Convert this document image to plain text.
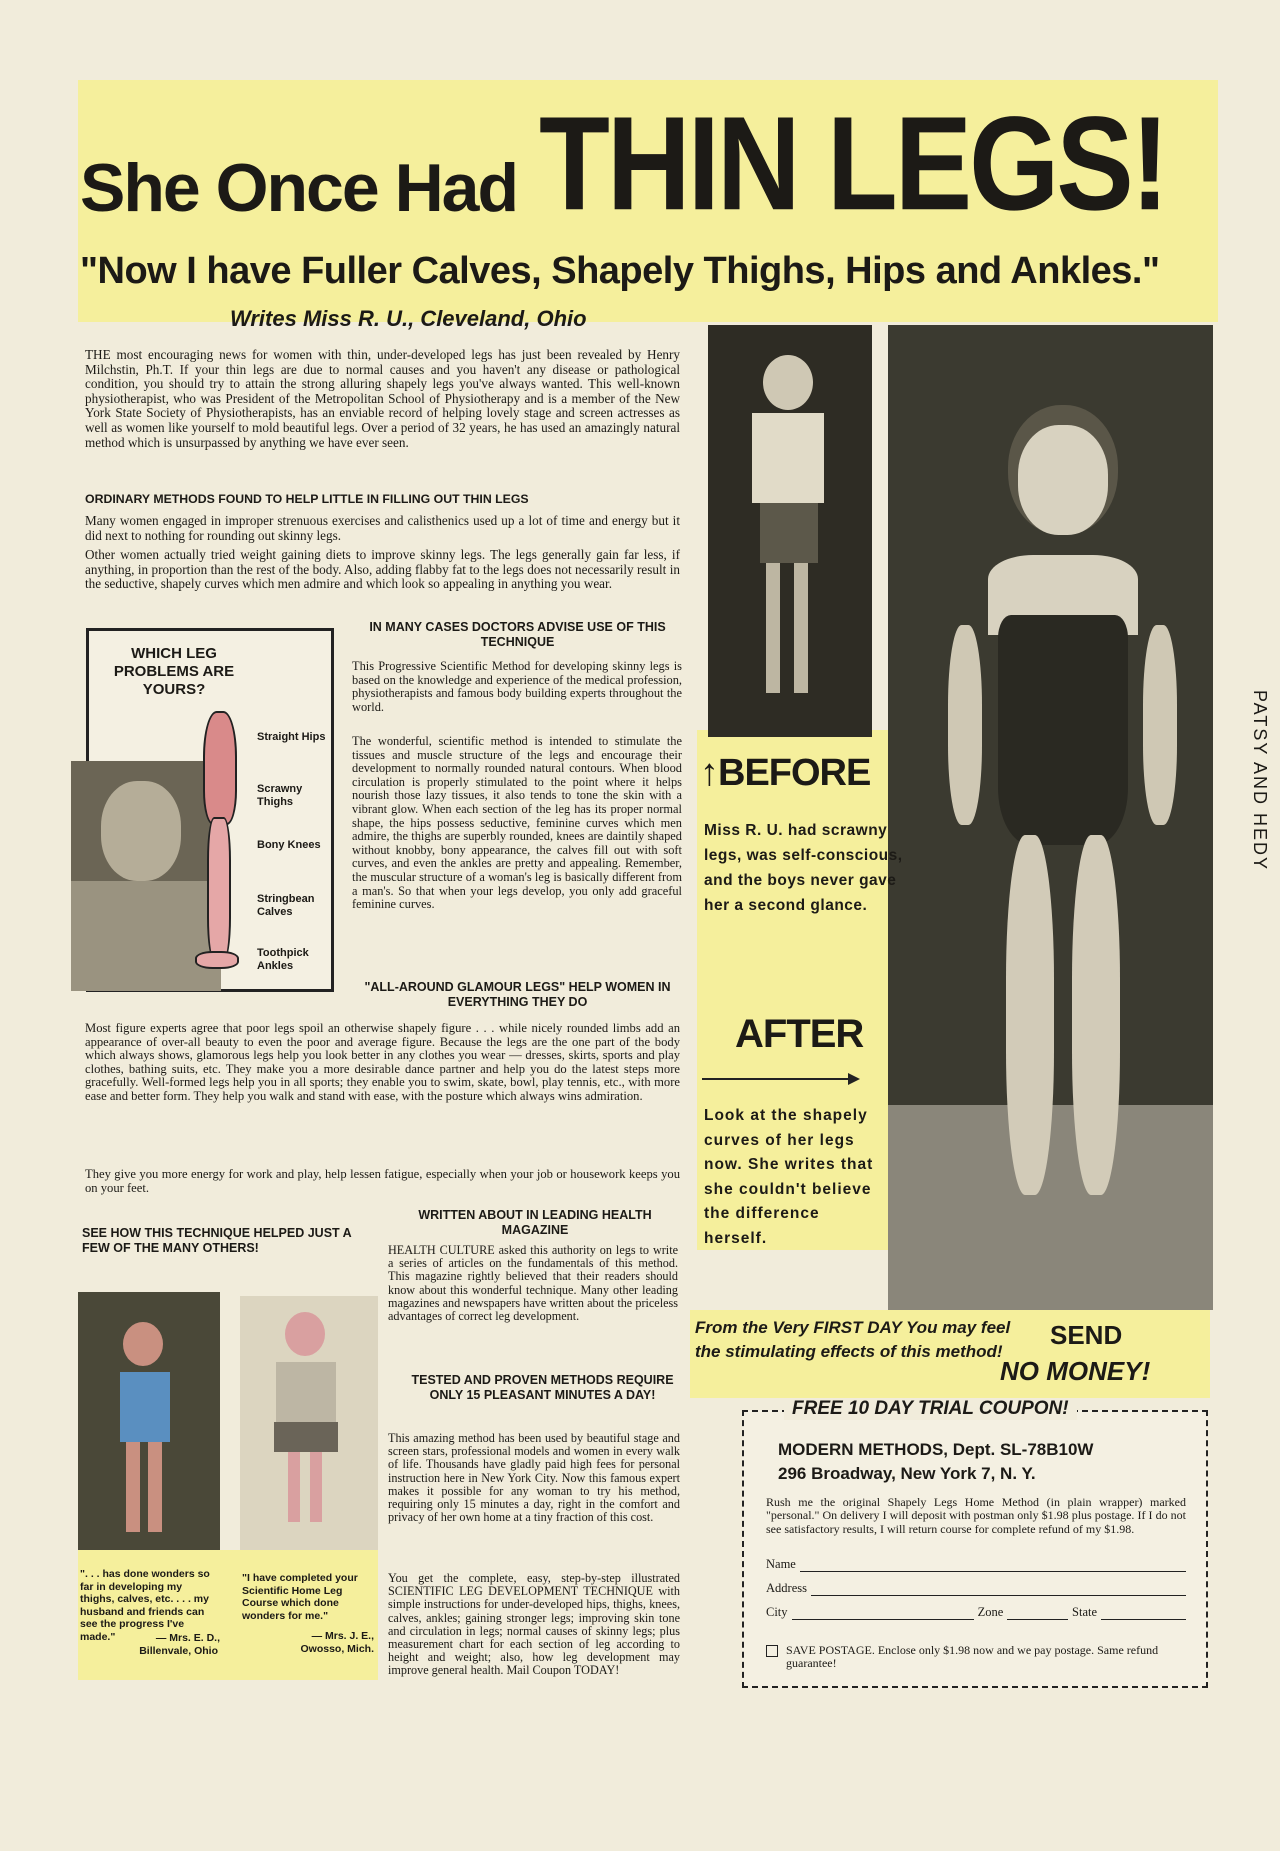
She Once Had THIN LEGS!
"Now I have Fuller Calves, Shapely Thighs, Hips and Ankles."
Writes Miss R. U., Cleveland, Ohio
THE most encouraging news for women with thin, under-developed legs has just been revealed by Henry Milchstin, Ph.T. If your thin legs are due to normal causes and you haven't any disease or pathological condition, you should try to attain the strong alluring shapely legs you've always wanted. This well-known physiotherapist, who was President of the Metropolitan School of Physiotherapy and is a member of the New York State Society of Physiotherapists, has an enviable record of helping lovely stage and screen actresses as well as women like yourself to mold beautiful legs. Over a period of 32 years, he has used an amazingly natural method which is unsurpassed by anything we have ever seen.
ORDINARY METHODS FOUND TO HELP LITTLE IN FILLING OUT THIN LEGS
Many women engaged in improper strenuous exercises and calisthenics used up a lot of time and energy but it did next to nothing for rounding out skinny legs.
Other women actually tried weight gaining diets to improve skinny legs. The legs generally gain far less, if anything, in proportion than the rest of the body. Also, adding flabby fat to the legs does not necessarily result in the seductive, shapely curves which men admire and which look so appealing in anything you wear.
WHICH LEG PROBLEMS ARE YOURS?
Straight Hips
Scrawny Thighs
Bony Knees
Stringbean Calves
Toothpick Ankles
IN MANY CASES DOCTORS ADVISE USE OF THIS TECHNIQUE
This Progressive Scientific Method for developing skinny legs is based on the knowledge and experience of the medical profession, physiotherapists and famous body building experts throughout the world.
The wonderful, scientific method is intended to stimulate the tissues and muscle structure of the legs and encourage their development to normally rounded natural contours. When blood circulation is properly stimulated to the point where it helps nourish those lazy tissues, it also tends to tone the skin with a vibrant glow. When each section of the leg has its proper normal shape, the hips possess seductive, feminine curves which men admire, the thighs are superbly rounded, knees are daintily shaped without knobby, bony appearance, the calves fill out with soft curves, and even the ankles are pretty and appealing. Remember, the muscular structure of a woman's leg is basically different from a man's. So that when your legs develop, you only add graceful feminine curves.
"ALL-AROUND GLAMOUR LEGS" HELP WOMEN IN EVERYTHING THEY DO
Most figure experts agree that poor legs spoil an otherwise shapely figure . . . while nicely rounded limbs add an appearance of over-all beauty to even the poor and average figure. Because the legs are the one part of the body which always shows, glamorous legs help you look better in any clothes you wear — dresses, skirts, sports and play clothes, bathing suits, etc. They make you a more desirable dance partner and help you do the latest steps more gracefully. Well-formed legs help you in all sports; they enable you to swim, skate, bowl, play tennis, etc., with more ease and better form. They help you walk and stand with ease, with the posture which always wins admiration.
They give you more energy for work and play, help lessen fatigue, especially when your job or housework keeps you on your feet.
SEE HOW THIS TECHNIQUE HELPED JUST A FEW OF THE MANY OTHERS!
". . . has done wonders so far in developing my thighs, calves, etc. . . . my husband and friends can see the progress I've made."	— Mrs. E. D.,
Billenvale, Ohio
"I have completed your Scientific Home Leg Course which done wonders for me."
— Mrs. J. E.,
Owosso, Mich.
WRITTEN ABOUT IN LEADING HEALTH MAGAZINE
HEALTH CULTURE asked this authority on legs to write a series of articles on the fundamentals of this method. This magazine rightly believed that their readers should know about this wonderful technique. Many other leading magazines and newspapers have written about the priceless advantages of correct leg development.
TESTED AND PROVEN METHODS REQUIRE ONLY 15 PLEASANT MINUTES A DAY!
This amazing method has been used by beautiful stage and screen stars, professional models and women in every walk of life. Thousands have gladly paid high fees for personal instruction here in New York City. Now this famous expert makes it possible for any woman to try his method, requiring only 15 minutes a day, right in the comfort and privacy of her own home at a tiny fraction of this cost.
You get the complete, easy, step-by-step illustrated SCIENTIFIC LEG DEVELOPMENT TECHNIQUE with simple instructions for under-developed hips, thighs, knees, calves, ankles; gaining stronger legs; improving skin tone and circulation in legs; normal causes of skinny legs; plus measurement chart for each section of leg according to height and weight; also, how leg development may improve general health. Mail Coupon TODAY!
↑BEFORE
Miss R. U. had scrawny legs, was self-conscious, and the boys never gave her a second glance.
AFTER
Look at the shapely curves of her legs now. She writes that she couldn't believe the difference herself.
From the Very FIRST DAY You may feel the stimulating effects of this method!
SEND
NO MONEY!
FREE 10 DAY TRIAL COUPON!
MODERN METHODS, Dept. SL-78B10W
296 Broadway, New York 7, N. Y.
Rush me the original Shapely Legs Home Method (in plain wrapper) marked "personal." On delivery I will deposit with postman only $1.98 plus postage. If I do not see satisfactory results, I will return course for complete refund of my $1.98.
Name
Address
City	Zone	State
SAVE POSTAGE. Enclose only $1.98 now and we pay postage. Same refund guarantee!
PATSY AND HEDY
